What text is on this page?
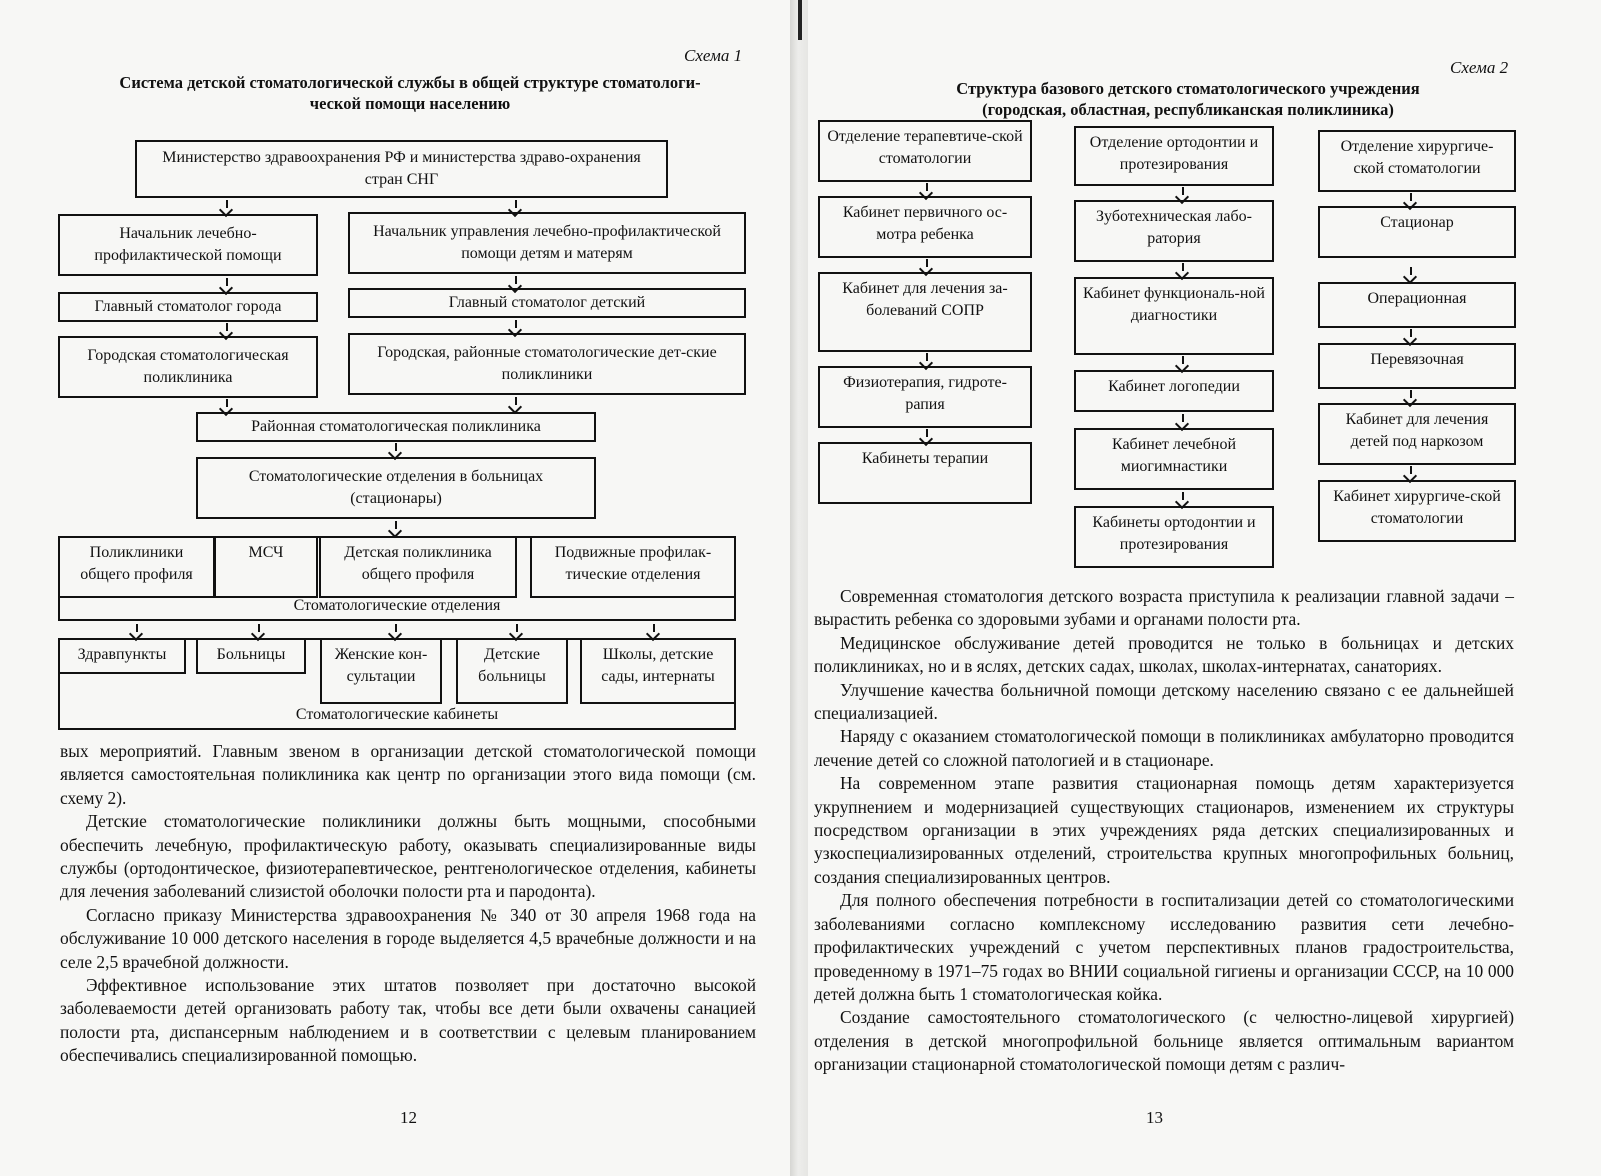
Схема 1
Система детской стоматологической службы в общей структуре стоматологи-
ческой помощи населению
Министерство здравоохранения РФ и министерства здраво-охранения стран СНГ
Начальник лечебно-профилактической помощи
Начальник управления лечебно-профилактической помощи детям и матерям
Главный стоматолог города	Главный стоматолог детский
Городская стоматологическая поликлиника
Городская, районные стоматологические дет-ские поликлиники
Районная стоматологическая поликлиника
Стоматологические отделения в больницах (стационары)
Стоматологические отделения
Поликлиники общего профиля
МСЧ	Детская поликлиника общего профиля
Подвижные профилак-тические отделения
Стоматологические кабинеты
Здравпункты	Больницы	Женские кон-сультации
Детские больницы
Школы, детские сады, интернаты

вых мероприятий. Главным звеном в организации детской стоматологической помощи является самостоятельная поликлиника как центр по организации этого вида помощи (см. схему 2).

Детские стоматологические поликлиники должны быть мощными, способными обеспечить лечебную, профилактическую работу, оказывать специализированные виды службы (ортодонтическое, физиотерапевтическое, рентгенологическое отделения, кабинеты для лечения заболеваний слизистой оболочки полости рта и пародонта).

Согласно приказу Министерства здравоохранения № 340 от 30 апреля 1968 года на обслуживание 10 000 детского населения в городе выделяется 4,5 врачебные должности и на селе 2,5 врачебной должности.

Эффективное использование этих штатов позволяет при достаточно высокой заболеваемости детей организовать работу так, чтобы все дети были охвачены санацией полости рта, диспансерным наблюдением и в соответствии с целевым планированием обеспечивались специализированной помощью.

12
Схема 2
Структура базового детского стоматологического учреждения
(городская, областная, республиканская поликлиника)
Отделение терапевтиче-ской стоматологии
Кабинет первичного ос-мотра ребенка
Кабинет для лечения за-болеваний СОПР
Физиотерапия, гидроте-рапия
Кабинеты терапии
Отделение ортодонтии и протезирования
Зуботехническая лабо-ратория
Кабинет функциональ-ной диагностики
Кабинет логопедии
Кабинет лечебной миогимнастики
Кабинеты ортодонтии и протезирования
Отделение хирургиче-ской стоматологии
Стационар
Операционная
Перевязочная
Кабинет для лечения детей под наркозом
Кабинет хирургиче-ской стоматологии

Современная стоматология детского возраста приступила к реализации главной задачи – вырастить ребенка со здоровыми зубами и органами полости рта.

Медицинское обслуживание детей проводится не только в больницах и детских поликлиниках, но и в яслях, детских садах, школах, школах-интернатах, санаториях.

Улучшение качества больничной помощи детскому населению связано с ее дальнейшей специализацией.

Наряду с оказанием стоматологической помощи в поликлиниках амбулаторно проводится лечение детей со сложной патологией и в стационаре.

На современном этапе развития стационарная помощь детям характеризуется укрупнением и модернизацией существующих стационаров, изменением их структуры посредством организации в этих учреждениях ряда детских специализированных и узкоспециализированных отделений, строительства крупных многопрофильных больниц, создания специализированных центров.

Для полного обеспечения потребности в госпитализации детей со стоматологическими заболеваниями согласно комплексному исследованию развития сети лечебно-профилактических учреждений с учетом перспективных планов градостроительства, проведенному в 1971–75 годах во ВНИИ социальной гигиены и организации СССР, на 10 000 детей должна быть 1 стоматологическая койка.

Создание самостоятельного стоматологического (с челюстно-лицевой хирургией) отделения в детской многопрофильной больнице является оптимальным вариантом организации стационарной стоматологической помощи детям с различ-

13
